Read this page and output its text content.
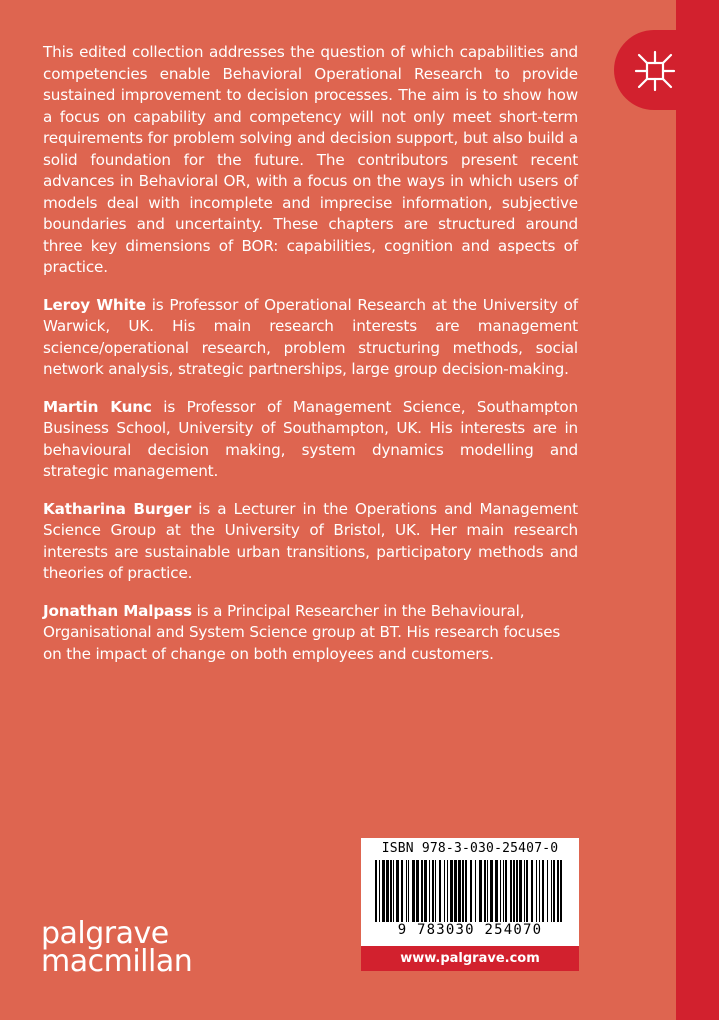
This edited collection addresses the question of which capabilities and competencies enable Behavioral Operational Research to provide sustained improvement to decision processes. The aim is to show how a focus on capability and competency will not only meet short-term requirements for problem solving and decision support, but also build a solid foundation for the future. The contributors present recent advances in Behavioral OR, with a focus on the ways in which users of models deal with incomplete and imprecise information, subjective boundaries and uncertainty. These chapters are structured around three key dimensions of BOR: capabilities, cognition and aspects of practice.

Leroy White is Professor of Operational Research at the University of Warwick, UK. His main research interests are management science/operational research, problem structuring methods, social network analysis, strategic partnerships, large group decision-making.

Martin Kunc is Professor of Management Science, Southampton Business School, University of Southampton, UK. His interests are in behavioural decision making, system dynamics modelling and strategic management.

Katharina Burger is a Lecturer in the Operations and Management Science Group at the University of Bristol, UK. Her main research interests are sustainable urban transitions, participatory methods and theories of practice.

Jonathan Malpass is a Principal Researcher in the Behavioural, Organisational and System Science group at BT. His research focuses on the impact of change on both employees and customers.

palgrave
macmillan
ISBN 978-3-030-25407-0
9 783030 254070
www.palgrave.com
